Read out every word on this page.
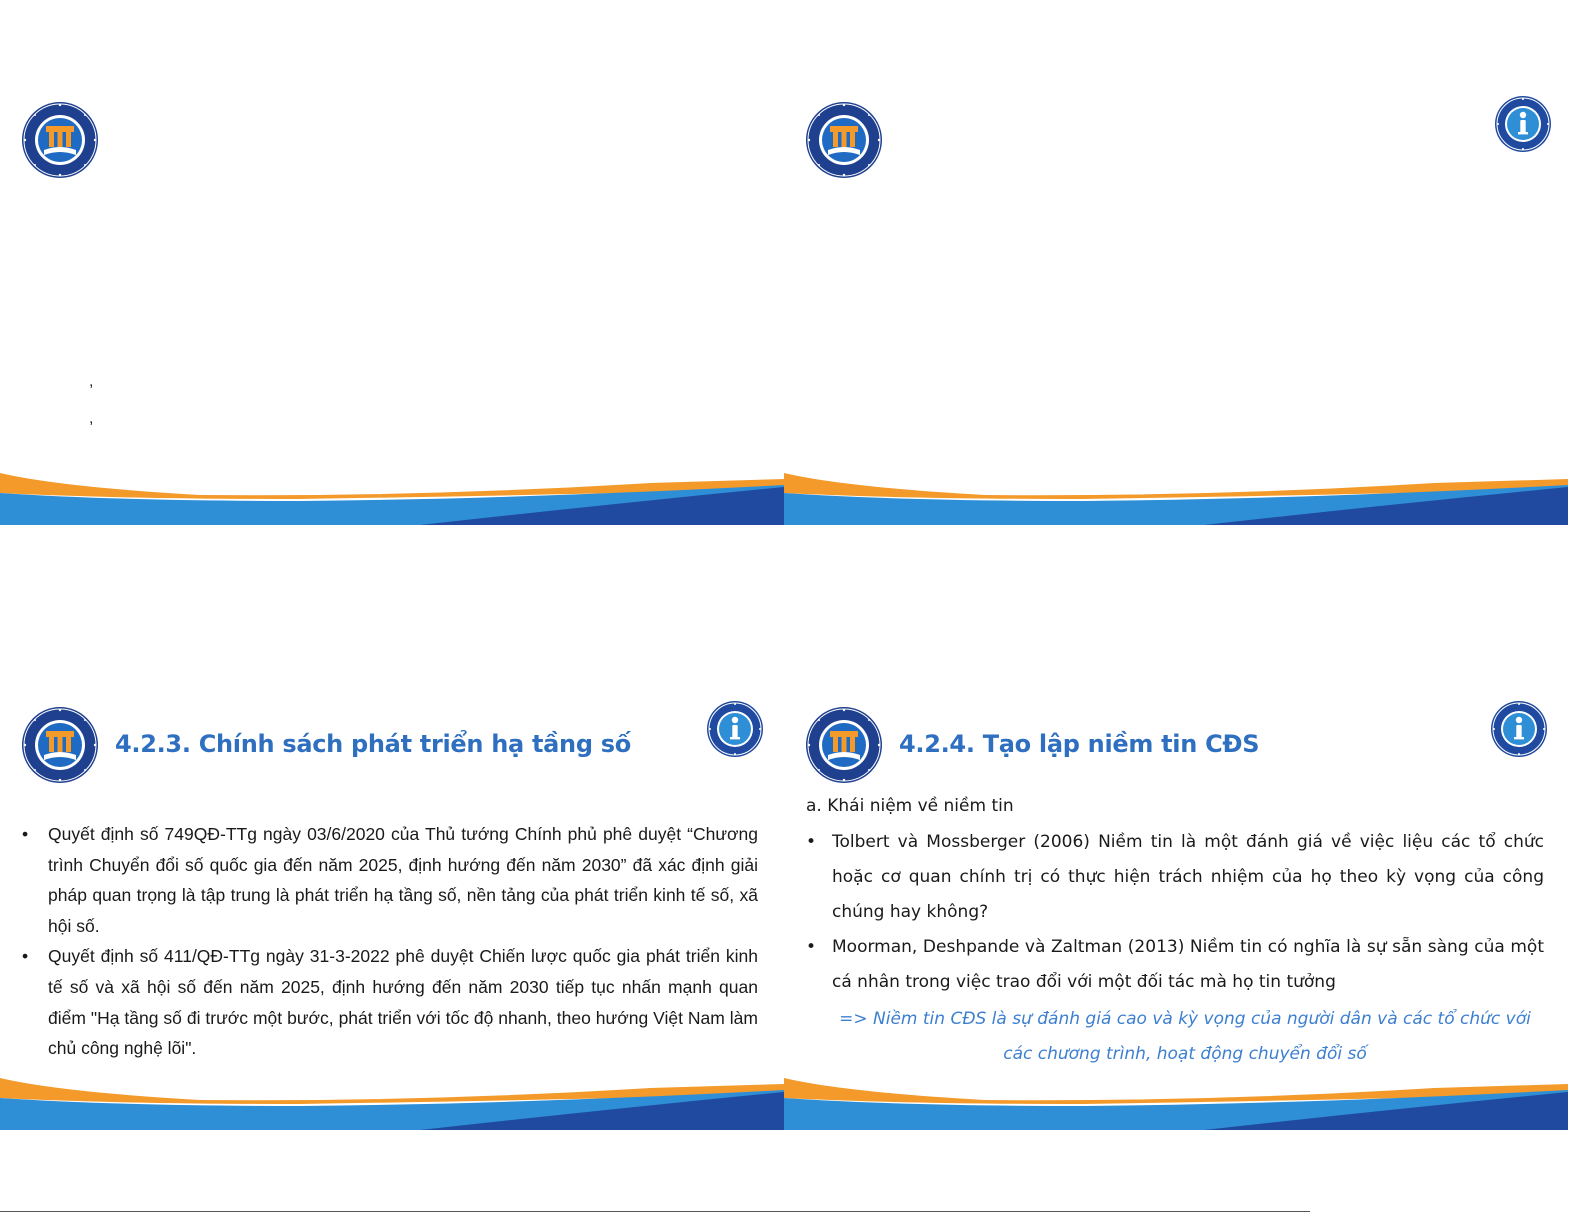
,
,
4.2.3. Chính sách phát triển hạ tầng số
• Quyết định số 749QĐ-TTg ngày 03/6/2020 của Thủ tướng Chính phủ phê duyệt “Chương trình Chuyển đổi số quốc gia đến năm 2025, định hướng đến năm 2030” đã xác định giải pháp quan trọng là tập trung là phát triển hạ tầng số, nền tảng của phát triển kinh tế số, xã hội số.
• Quyết định số 411/QĐ-TTg ngày 31-3-2022 phê duyệt Chiến lược quốc gia phát triển kinh tế số và xã hội số đến năm 2025, định hướng đến năm 2030 tiếp tục nhấn mạnh quan điểm "Hạ tầng số đi trước một bước, phát triển với tốc độ nhanh, theo hướng Việt Nam làm chủ công nghệ lõi".
4.2.4. Tạo lập niềm tin CĐS

a. Khái niệm về niềm tin

• Tolbert và Mossberger (2006) Niềm tin là một đánh giá về việc liệu các tổ chức hoặc cơ quan chính trị có thực hiện trách nhiệm của họ theo kỳ vọng của công chúng hay không?
• Moorman, Deshpande và Zaltman (2013) Niềm tin có nghĩa là sự sẵn sàng của một cá nhân trong việc trao đổi với một đối tác mà họ tin tưởng

=> Niềm tin CĐS là sự đánh giá cao và kỳ vọng của người dân và các tổ chức với các chương trình, hoạt động chuyển đổi số
